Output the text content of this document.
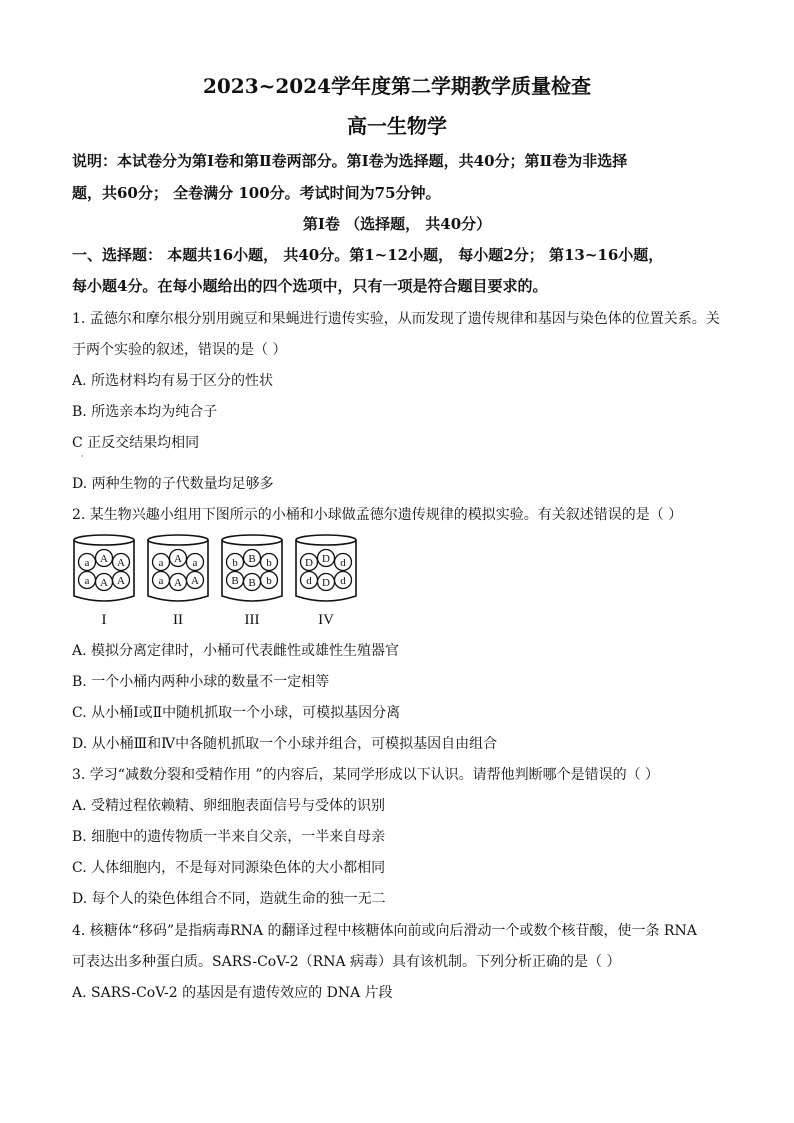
2023~2024学年度第二学期教学质量检查
高一生物学
说明：本试卷分为第Ⅰ卷和第Ⅱ卷两部分。第Ⅰ卷为选择题，共40分；第Ⅱ卷为非选择
题，共60分； 全卷满分 100分。考试时间为75分钟。
第Ⅰ卷 （选择题， 共40分）
一、选择题： 本题共16小题， 共40分。第1~12小题， 每小题2分； 第13~16小题，
每小题4分。在每小题给出的四个选项中，只有一项是符合题目要求的。
1. 孟德尔和摩尔根分别用豌豆和果蝇进行遗传实验，从而发现了遗传规律和基因与染色体的位置关系。关
于两个实验的叙述，错误的是（ ）
A. 所选材料均有易于区分的性状
B. 所选亲本均为纯合子
C 正反交结果均相同
·
D. 两种生物的子代数量均足够多
2. 某生物兴趣小组用下图所示的小桶和小球做孟德尔遗传规律的模拟实验。有关叙述错误的是（ ）
a A A
a A A
I
a A a
a A A
II
b B b
B B b
III
D D d
d D d
IV
A. 模拟分离定律时，小桶可代表雌性或雄性生殖器官
B. 一个小桶内两种小球的数量不一定相等
C. 从小桶Ⅰ或Ⅱ中随机抓取一个小球，可模拟基因分离
D. 从小桶Ⅲ和Ⅳ中各随机抓取一个小球并组合，可模拟基因自由组合
3. 学习“减数分裂和受精作用 ”的内容后，某同学形成以下认识。请帮他判断哪个是错误的（ ）
A. 受精过程依赖精、卵细胞表面信号与受体的识别
B. 细胞中的遗传物质一半来自父亲，一半来自母亲
C. 人体细胞内，不是每对同源染色体的大小都相同
D. 每个人的染色体组合不同，造就生命的独一无二
4. 核糖体“移码”是指病毒RNA 的翻译过程中核糖体向前或向后滑动一个或数个核苷酸，使一条 RNA
可表达出多种蛋白质。SARS-CoV-2（RNA 病毒）具有该机制。下列分析正确的是（ ）
A. SARS-CoV-2 的基因是有遗传效应的 DNA 片段
